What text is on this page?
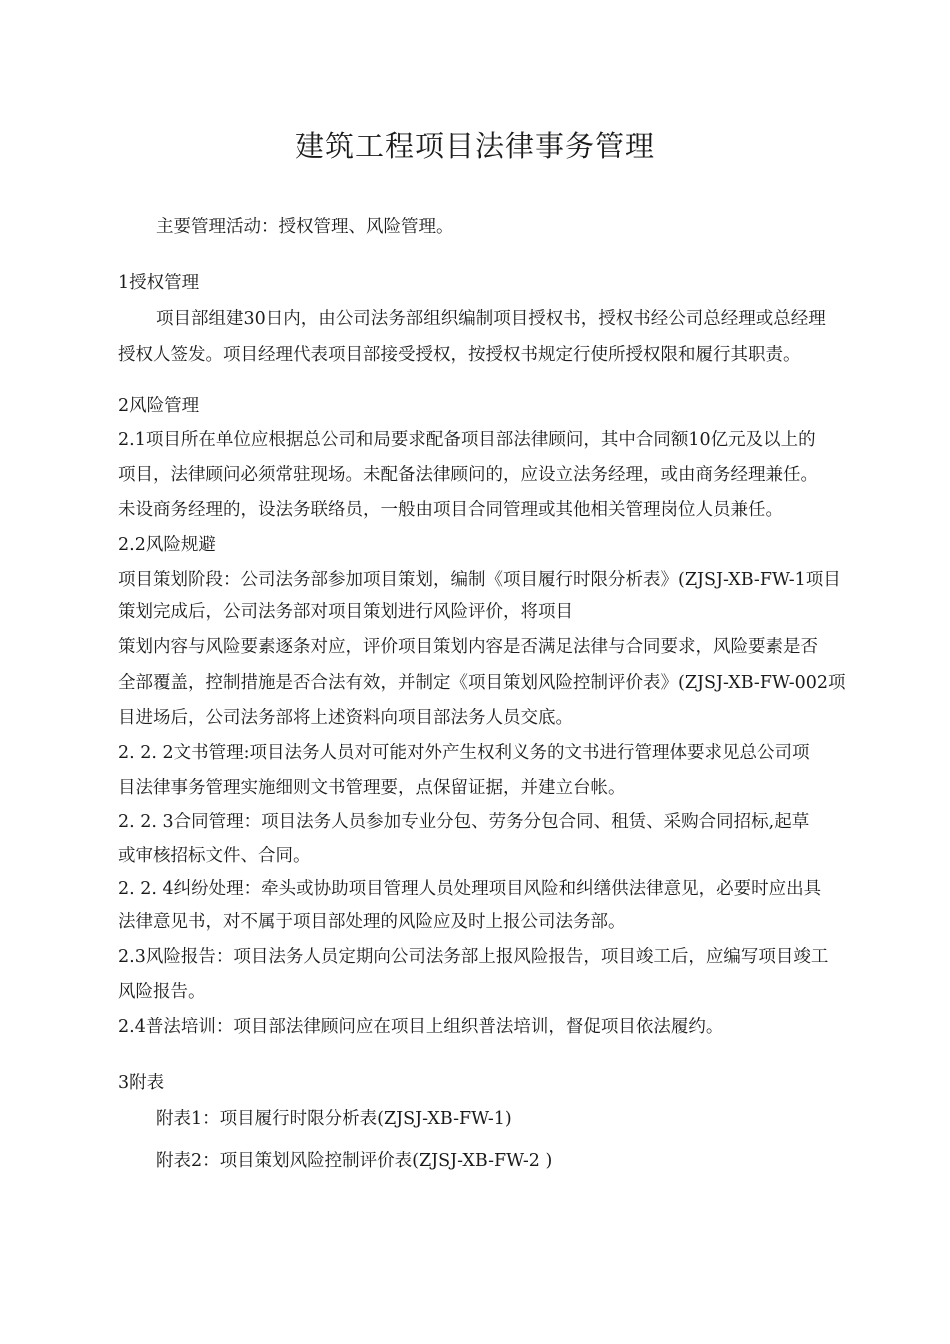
建筑工程项目法律事务管理
主要管理活动：授权管理、风险管理。
1授权管理
项目部组建30日内，由公司法务部组织编制项目授权书，授权书经公司总经理或总经理
授权人签发。项目经理代表项目部接受授权，按授权书规定行使所授权限和履行其职责。
2风险管理
2.1项目所在单位应根据总公司和局要求配备项目部法律顾问，其中合同额10亿元及以上的
项目，法律顾问必须常驻现场。未配备法律顾问的，应设立法务经理，或由商务经理兼任。
未设商务经理的，设法务联络员，一般由项目合同管理或其他相关管理岗位人员兼任。
2.2风险规避
项目策划阶段：公司法务部参加项目策划，编制《项目履行时限分析表》(ZJSJ-XB-FW-1项目
策划完成后，公司法务部对项目策划进行风险评价，将项目
策划内容与风险要素逐条对应，评价项目策划内容是否满足法律与合同要求，风险要素是否
全部覆盖，控制措施是否合法有效，并制定《项目策划风险控制评价表》(ZJSJ-XB-FW-002项
目进场后，公司法务部将上述资料向项目部法务人员交底。
2. 2. 2文书管理:项目法务人员对可能对外产生权利义务的文书进行管理体要求见总公司项
目法律事务管理实施细则文书管理要，点保留证据，并建立台帐。
2. 2. 3合同管理：项目法务人员参加专业分包、劳务分包合同、租赁、采购合同招标,起草
或审核招标文件、合同。
2. 2. 4纠纷处理：牵头或协助项目管理人员处理项目风险和纠缮供法律意见，必要时应出具
法律意见书，对不属于项目部处理的风险应及时上报公司法务部。
2.3风险报告：项目法务人员定期向公司法务部上报风险报告，项目竣工后，应编写项目竣工
风险报告。
2.4普法培训：项目部法律顾问应在项目上组织普法培训，督促项目依法履约。
3附表
附表1：项目履行时限分析表(ZJSJ-XB-FW-1)
附表2：项目策划风险控制评价表(ZJSJ-XB-FW-2 )
